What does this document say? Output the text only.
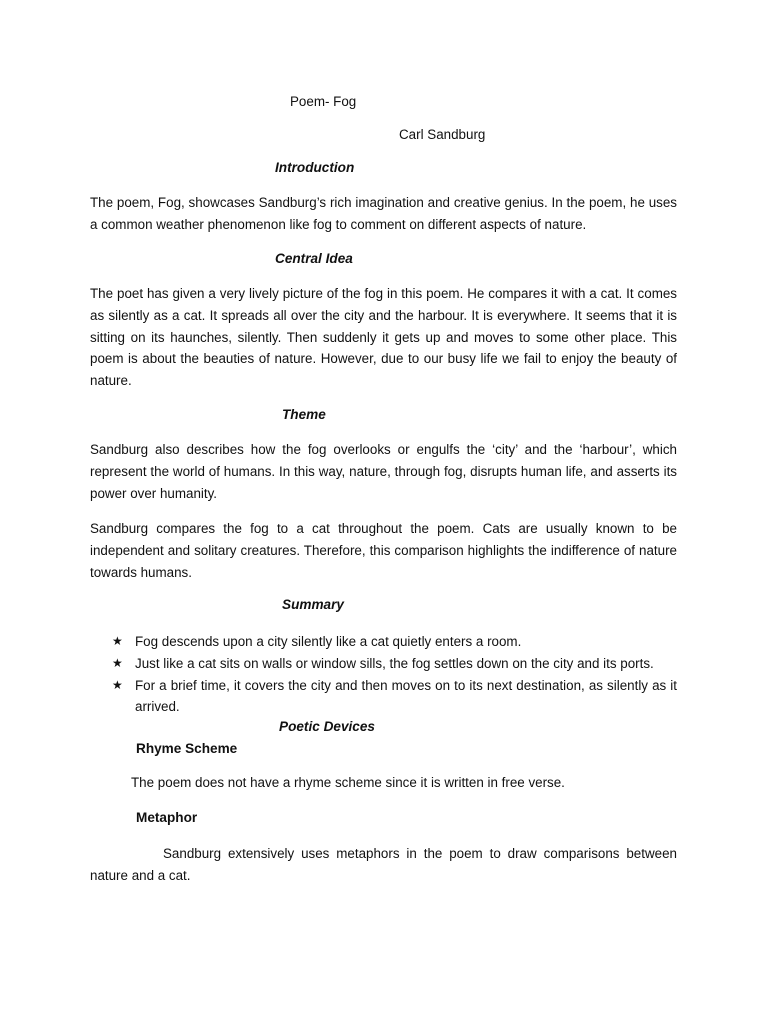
Poem- Fog

Carl Sandburg

Introduction

The poem, Fog, showcases Sandburg’s rich imagination and creative genius. In the poem, he uses a common weather phenomenon like fog to comment on different aspects of nature.

Central Idea

The poet has given a very lively picture of the fog in this poem. He compares it with a cat. It comes as silently as a cat. It spreads all over the city and the harbour. It is everywhere. It seems that it is sitting on its haunches, silently. Then suddenly it gets up and moves to some other place. This poem is about the beauties of nature. However, due to our busy life we fail to enjoy the beauty of nature.

Theme

Sandburg also describes how the fog overlooks or engulfs the ‘city’ and the ‘harbour’, which represent the world of humans. In this way, nature, through fog, disrupts human life, and asserts its power over humanity.

Sandburg compares the fog to a cat throughout the poem. Cats are usually known to be independent and solitary creatures. Therefore, this comparison highlights the indifference of nature towards humans.

Summary

★ Fog descends upon a city silently like a cat quietly enters a room.
★ Just like a cat sits on walls or window sills, the fog settles down on the city and its ports.
★ For a brief time, it covers the city and then moves on to its next destination, as silently as it arrived.

Poetic Devices

Rhyme Scheme

The poem does not have a rhyme scheme since it is written in free verse.

Metaphor

Sandburg extensively uses metaphors in the poem to draw comparisons between nature and a cat.
